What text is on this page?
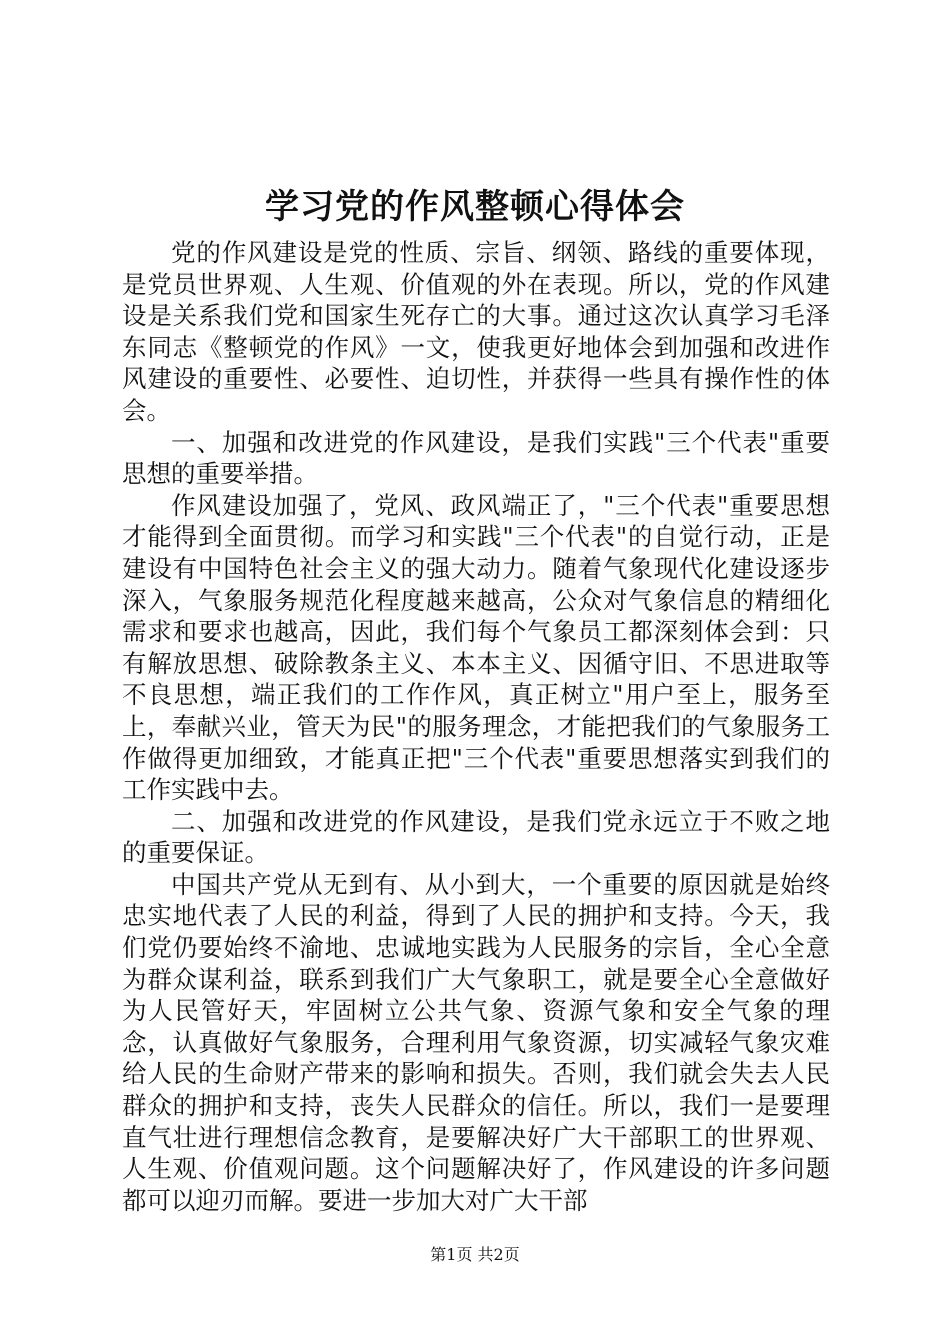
学习党的作风整顿心得体会

党的作风建设是党的性质、宗旨、纲领、路线的重要体现，是党员世界观、人生观、价值观的外在表现。所以，党的作风建设是关系我们党和国家生死存亡的大事。通过这次认真学习毛泽东同志《整顿党的作风》一文，使我更好地体会到加强和改进作风建设的重要性、必要性、迫切性，并获得一些具有操作性的体会。

一、加强和改进党的作风建设，是我们实践"三个代表"重要思想的重要举措。

作风建设加强了，党风、政风端正了，"三个代表"重要思想才能得到全面贯彻。而学习和实践"三个代表"的自觉行动，正是建设有中国特色社会主义的强大动力。随着气象现代化建设逐步深入，气象服务规范化程度越来越高，公众对气象信息的精细化需求和要求也越高，因此，我们每个气象员工都深刻体会到：只有解放思想、破除教条主义、本本主义、因循守旧、不思进取等不良思想，端正我们的工作作风，真正树立"用户至上，服务至上，奉献兴业，管天为民"的服务理念，才能把我们的气象服务工作做得更加细致，才能真正把"三个代表"重要思想落实到我们的工作实践中去。

二、加强和改进党的作风建设，是我们党永远立于不败之地的重要保证。

中国共产党从无到有、从小到大，一个重要的原因就是始终忠实地代表了人民的利益，得到了人民的拥护和支持。今天，我们党仍要始终不渝地、忠诚地实践为人民服务的宗旨，全心全意为群众谋利益，联系到我们广大气象职工，就是要全心全意做好为人民管好天，牢固树立公共气象、资源气象和安全气象的理念，认真做好气象服务，合理利用气象资源，切实减轻气象灾难给人民的生命财产带来的影响和损失。否则，我们就会失去人民群众的拥护和支持，丧失人民群众的信任。所以，我们一是要理直气壮进行理想信念教育，是要解决好广大干部职工的世界观、人生观、价值观问题。这个问题解决好了，作风建设的许多问题都可以迎刃而解。要进一步加大对广大干部

第1页 共2页
